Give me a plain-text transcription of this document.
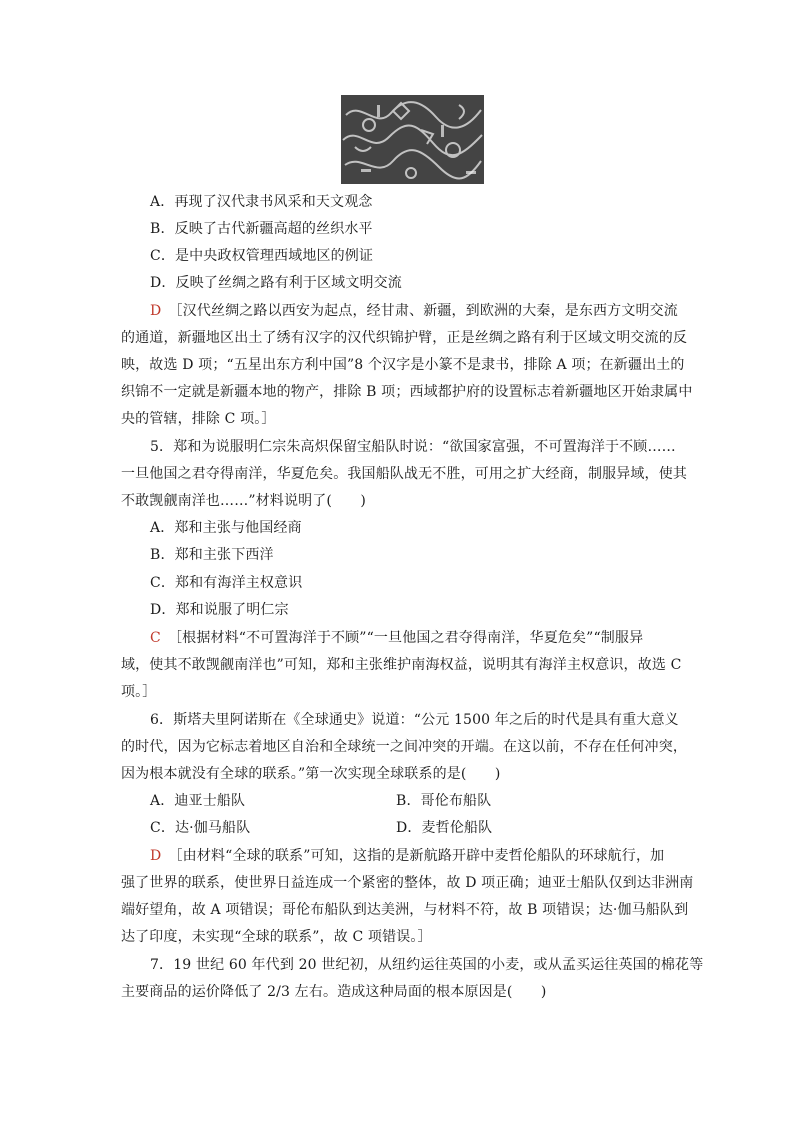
A．再现了汉代隶书风采和天文观念
B．反映了古代新疆高超的丝织水平
C．是中央政权管理西域地区的例证
D．反映了丝绸之路有利于区域文明交流
D　 ［汉代丝绸之路以西安为起点，经甘肃、新疆，到欧洲的大秦，是东西方文明交流
的通道，新疆地区出土了绣有汉字的汉代织锦护臂，正是丝绸之路有利于区域文明交流的反
映，故选 D 项；“五星出东方利中国”8 个汉字是小篆不是隶书，排除 A 项；在新疆出土的
织锦不一定就是新疆本地的物产，排除 B 项；西域都护府的设置标志着新疆地区开始隶属中
央的管辖，排除 C 项。］
5．郑和为说服明仁宗朱高炽保留宝船队时说：“欲国家富强，不可置海洋于不顾……
一旦他国之君夺得南洋，华夏危矣。我国船队战无不胜，可用之扩大经商，制服异域，使其
不敢觊觎南洋也……”材料说明了(　　)
A．郑和主张与他国经商
B．郑和主张下西洋
C．郑和有海洋主权意识
D．郑和说服了明仁宗
C　 ［根据材料“不可置海洋于不顾”“一旦他国之君夺得南洋，华夏危矣”“制服异
域，使其不敢觊觎南洋也”可知，郑和主张维护南海权益，说明其有海洋主权意识，故选 C
项。］
6．斯塔夫里阿诺斯在《全球通史》说道：“公元 1500 年之后的时代是具有重大意义
的时代，因为它标志着地区自治和全球统一之间冲突的开端。在这以前，不存在任何冲突，
因为根本就没有全球的联系。”第一次实现全球联系的是(　　)
A．迪亚士船队	B．哥伦布船队
C．达·伽马船队	D．麦哲伦船队
D　 ［由材料“全球的联系”可知，这指的是新航路开辟中麦哲伦船队的环球航行，加
强了世界的联系，使世界日益连成一个紧密的整体，故 D 项正确；迪亚士船队仅到达非洲南
端好望角，故 A 项错误；哥伦布船队到达美洲，与材料不符，故 B 项错误；达·伽马船队到
达了印度，未实现“全球的联系”，故 C 项错误。］
7．19 世纪 60 年代到 20 世纪初，从纽约运往英国的小麦，或从孟买运往英国的棉花等
主要商品的运价降低了 2/3 左右。造成这种局面的根本原因是(　　)
